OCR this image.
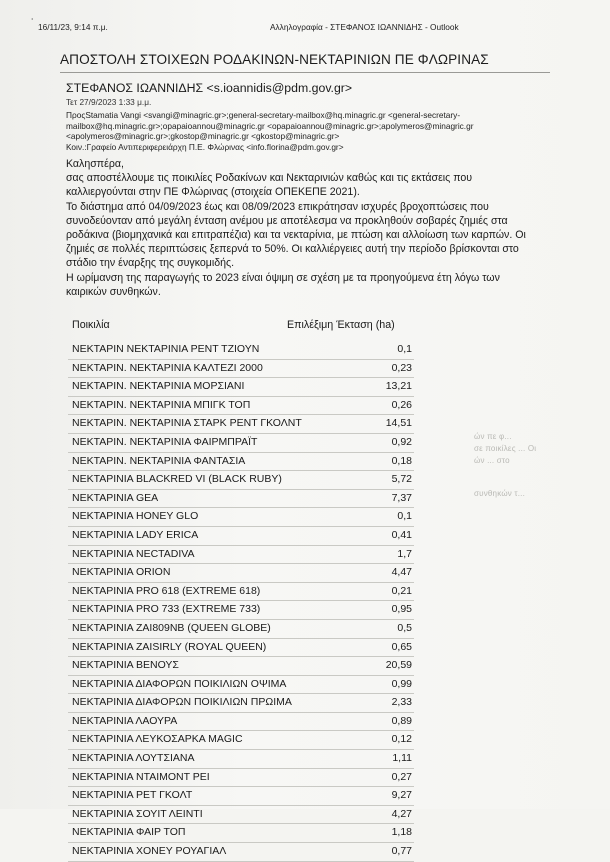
⸱
16/11/23, 9:14 π.μ.	Αλληλογραφία - ΣΤΕΦΑΝΟΣ ΙΩΑΝΝΙΔΗΣ - Outlook
ΑΠΟΣΤΟΛΗ ΣΤΟΙΧΕΩΝ ΡΟΔΑΚΙΝΩΝ-ΝΕΚΤΑΡΙΝΙΩΝ ΠΕ ΦΛΩΡΙΝΑΣ
ΣΤΕΦΑΝΟΣ ΙΩΑΝΝΙΔΗΣ <s.ioannidis@pdm.gov.gr>
Τετ 27/9/2023 1:33 μ.μ.
ΠροςStamatia Vangi <svangi@minagric.gr>;general-secretary-mailbox@hq.minagric.gr <general-secretary-
mailbox@hq.minagric.gr>;opapaioannou@minagric.gr <opapaioannou@minagric.gr>;apolymeros@minagric.gr
<apolymeros@minagric.gr>;gkostop@minagric.gr <gkostop@minagric.gr>
Κοιν.:Γραφείο Αντιπεριφερειάρχη Π.Ε. Φλώρινας <info.florina@pdm.gov.gr>

Καλησπέρα,

σας αποστέλλουμε τις ποικιλίες Ροδακίνων και Νεκταρινιών καθώς και τις εκτάσεις που

καλλιεργούνται στην ΠΕ Φλώρινας (στοιχεία ΟΠΕΚΕΠΕ 2021).

Το διάστημα από 04/09/2023 έως και 08/09/2023 επικράτησαν ισχυρές βροχοπτώσεις που

συνοδεύονταν από μεγάλη ένταση ανέμου με αποτέλεσμα να προκληθούν σοβαρές ζημιές στα

ροδάκινα (βιομηχανικά και επιτραπέζια) και τα νεκταρίνια, με πτώση και αλλοίωση των καρπών. Οι

ζημιές σε πολλές περιπτώσεις ξεπερνά το 50%. Οι καλλιέργειες αυτή την περίοδο βρίσκονται στο

στάδιο την έναρξης της συγκομιδής.

Η ωρίμανση της παραγωγής το 2023 είναι όψιμη σε σχέση με τα προηγούμενα έτη λόγω των

καιρικών συνθηκών.

ών πε φ...
σε ποικίλες ... Οι
ών ... στο
συνθηκών τ...
Ποικιλία	Επιλέξιμη Έκταση (ha)
ΝΕΚΤΑΡΙΝ ΝΕΚΤΑΡΙΝΙΑ ΡΕΝΤ ΤΖΙΟΥΝ	0,1
ΝΕΚΤΑΡΙΝ. ΝΕΚΤΑΡΙΝΙΑ ΚΑΛΤΕΖΙ 2000	0,23
ΝΕΚΤΑΡΙΝ. ΝΕΚΤΑΡΙΝΙΑ ΜΟΡΣΙΑΝΙ	13,21
ΝΕΚΤΑΡΙΝ. ΝΕΚΤΑΡΙΝΙΑ ΜΠΙΓΚ ΤΟΠ	0,26
ΝΕΚΤΑΡΙΝ. ΝΕΚΤΑΡΙΝΙΑ ΣΤΑΡΚ ΡΕΝΤ ΓΚΟΛΝΤ	14,51
ΝΕΚΤΑΡΙΝ. ΝΕΚΤΑΡΙΝΙΑ ΦΑΙΡΜΠΡΑΪΤ	0,92
ΝΕΚΤΑΡΙΝ. ΝΕΚΤΑΡΙΝΙΑ ΦΑΝΤΑΣΙΑ	0,18
ΝΕΚΤΑΡΙΝΙΑ BLACKRED VI (BLACK RUBY)	5,72
ΝΕΚΤΑΡΙΝΙΑ GEA	7,37
ΝΕΚΤΑΡΙΝΙΑ HONEY GLO	0,1
ΝΕΚΤΑΡΙΝΙΑ LADY ERICA	0,41
ΝΕΚΤΑΡΙΝΙΑ NECTADIVA	1,7
ΝΕΚΤΑΡΙΝΙΑ ORION	4,47
ΝΕΚΤΑΡΙΝΙΑ PRO 618 (EXTREME 618)	0,21
ΝΕΚΤΑΡΙΝΙΑ PRO 733 (EXTREME 733)	0,95
ΝΕΚΤΑΡΙΝΙΑ ZAI809NB (QUEEN GLOBE)	0,5
ΝΕΚΤΑΡΙΝΙΑ ZAISIRLY (ROYAL QUEEN)	0,65
ΝΕΚΤΑΡΙΝΙΑ ΒΕΝΟΥΣ	20,59
ΝΕΚΤΑΡΙΝΙΑ ΔΙΑΦΟΡΩΝ ΠΟΙΚΙΛΙΩΝ ΟΨΙΜΑ	0,99
ΝΕΚΤΑΡΙΝΙΑ ΔΙΑΦΟΡΩΝ ΠΟΙΚΙΛΙΩΝ ΠΡΩΙΜΑ	2,33
ΝΕΚΤΑΡΙΝΙΑ ΛΑΟΥΡΑ	0,89
ΝΕΚΤΑΡΙΝΙΑ ΛΕΥΚΟΣΑΡΚΑ MAGIC	0,12
ΝΕΚΤΑΡΙΝΙΑ ΛΟΥΤΣΙΑΝΑ	1,11
ΝΕΚΤΑΡΙΝΙΑ ΝΤΑΙΜΟΝΤ ΡΕΙ	0,27
ΝΕΚΤΑΡΙΝΙΑ ΡΕΤ ΓΚΟΛΤ	9,27
ΝΕΚΤΑΡΙΝΙΑ ΣΟΥΙΤ ΛΕΙΝΤΙ	4,27
ΝΕΚΤΑΡΙΝΙΑ ΦΑΙΡ ΤΟΠ	1,18
ΝΕΚΤΑΡΙΝΙΑ ΧΟΝΕΥ ΡΟΥΑΓΙΑΛ	0,77
